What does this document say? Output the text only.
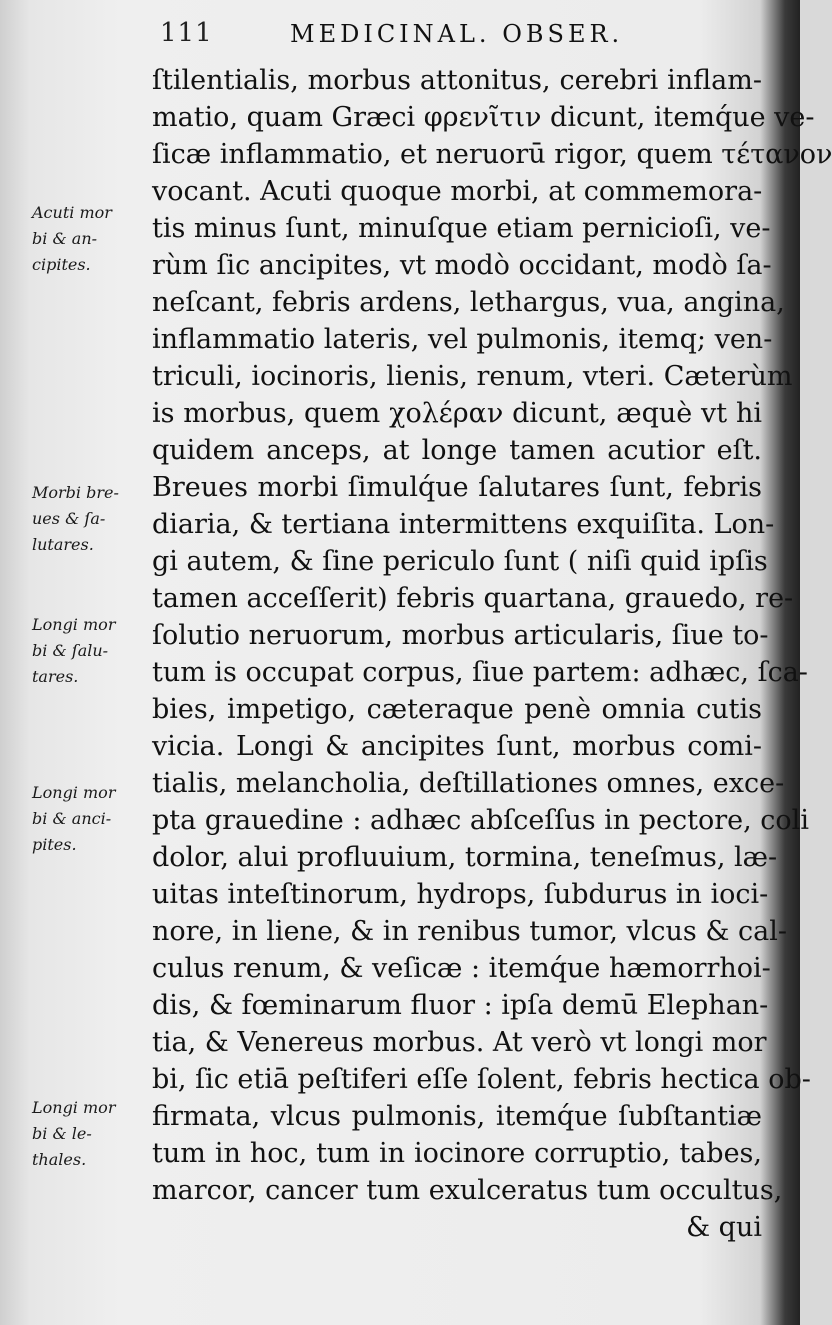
111	MEDICINAL. OBSER.
ſtilentialis, morbus attonitus, cerebri inflam-
matio, quam Græci φρενῖτιν dicunt, itemq́ue ve-
ſicæ inflammatio, et neruorū rigor, quem τέτανον
vocant. Acuti quoque morbi, at commemora-
tis minus ſunt, minuſque etiam pernicioſi, ve-
rùm ſic ancipites, vt modò occidant, modò ſa-
neſcant, febris ardens, lethargus, vua, angina,
inflammatio lateris, vel pulmonis, itemq; ven-
triculi, iocinoris, lienis, renum, vteri. Cæterùm
is morbus, quem χολέραν dicunt, æquè vt hi
quidem anceps, at longe tamen acutior eſt.
Breues morbi ſimulq́ue ſalutares ſunt, febris
diaria, & tertiana intermittens exquiſita. Lon-
gi autem, & ſine periculo ſunt ( niſi quid ipſis
tamen acceſſerit) febris quartana, grauedo, re-
ſolutio neruorum, morbus articularis, ſiue to-
tum is occupat corpus, ſiue partem: adhæc, ſca-
bies, impetigo, cæteraque penè omnia cutis
vicia. Longi & ancipites ſunt, morbus comi-
tialis, melancholia, deſtillationes omnes, exce-
pta grauedine : adhæc abſceſſus in pectore, coli
dolor, alui profluuium, tormina, teneſmus, læ-
uitas inteſtinorum, hydrops, ſubdurus in ioci-
nore, in liene, & in renibus tumor, vlcus & cal-
culus renum, & veſicæ : itemq́ue hæmorrhoi-
dis, & fœminarum fluor : ipſa demū Elephan-
tia, & Venereus morbus. At verò vt longi mor
bi, ſic etiā peſtiferi eſſe ſolent, febris hectica ob-
firmata, vlcus pulmonis, itemq́ue ſubſtantiæ
tum in hoc, tum in iocinore corruptio, tabes,
marcor, cancer tum exulceratus tum occultus,
& qui
Acuti mor
bi & an-
cipites.
Morbi bre-
ues & ſa-
lutares.
Longi mor
bi & ſalu-
tares.
Longi mor
bi & anci-
pites.
Longi mor
bi & le-
thales.
